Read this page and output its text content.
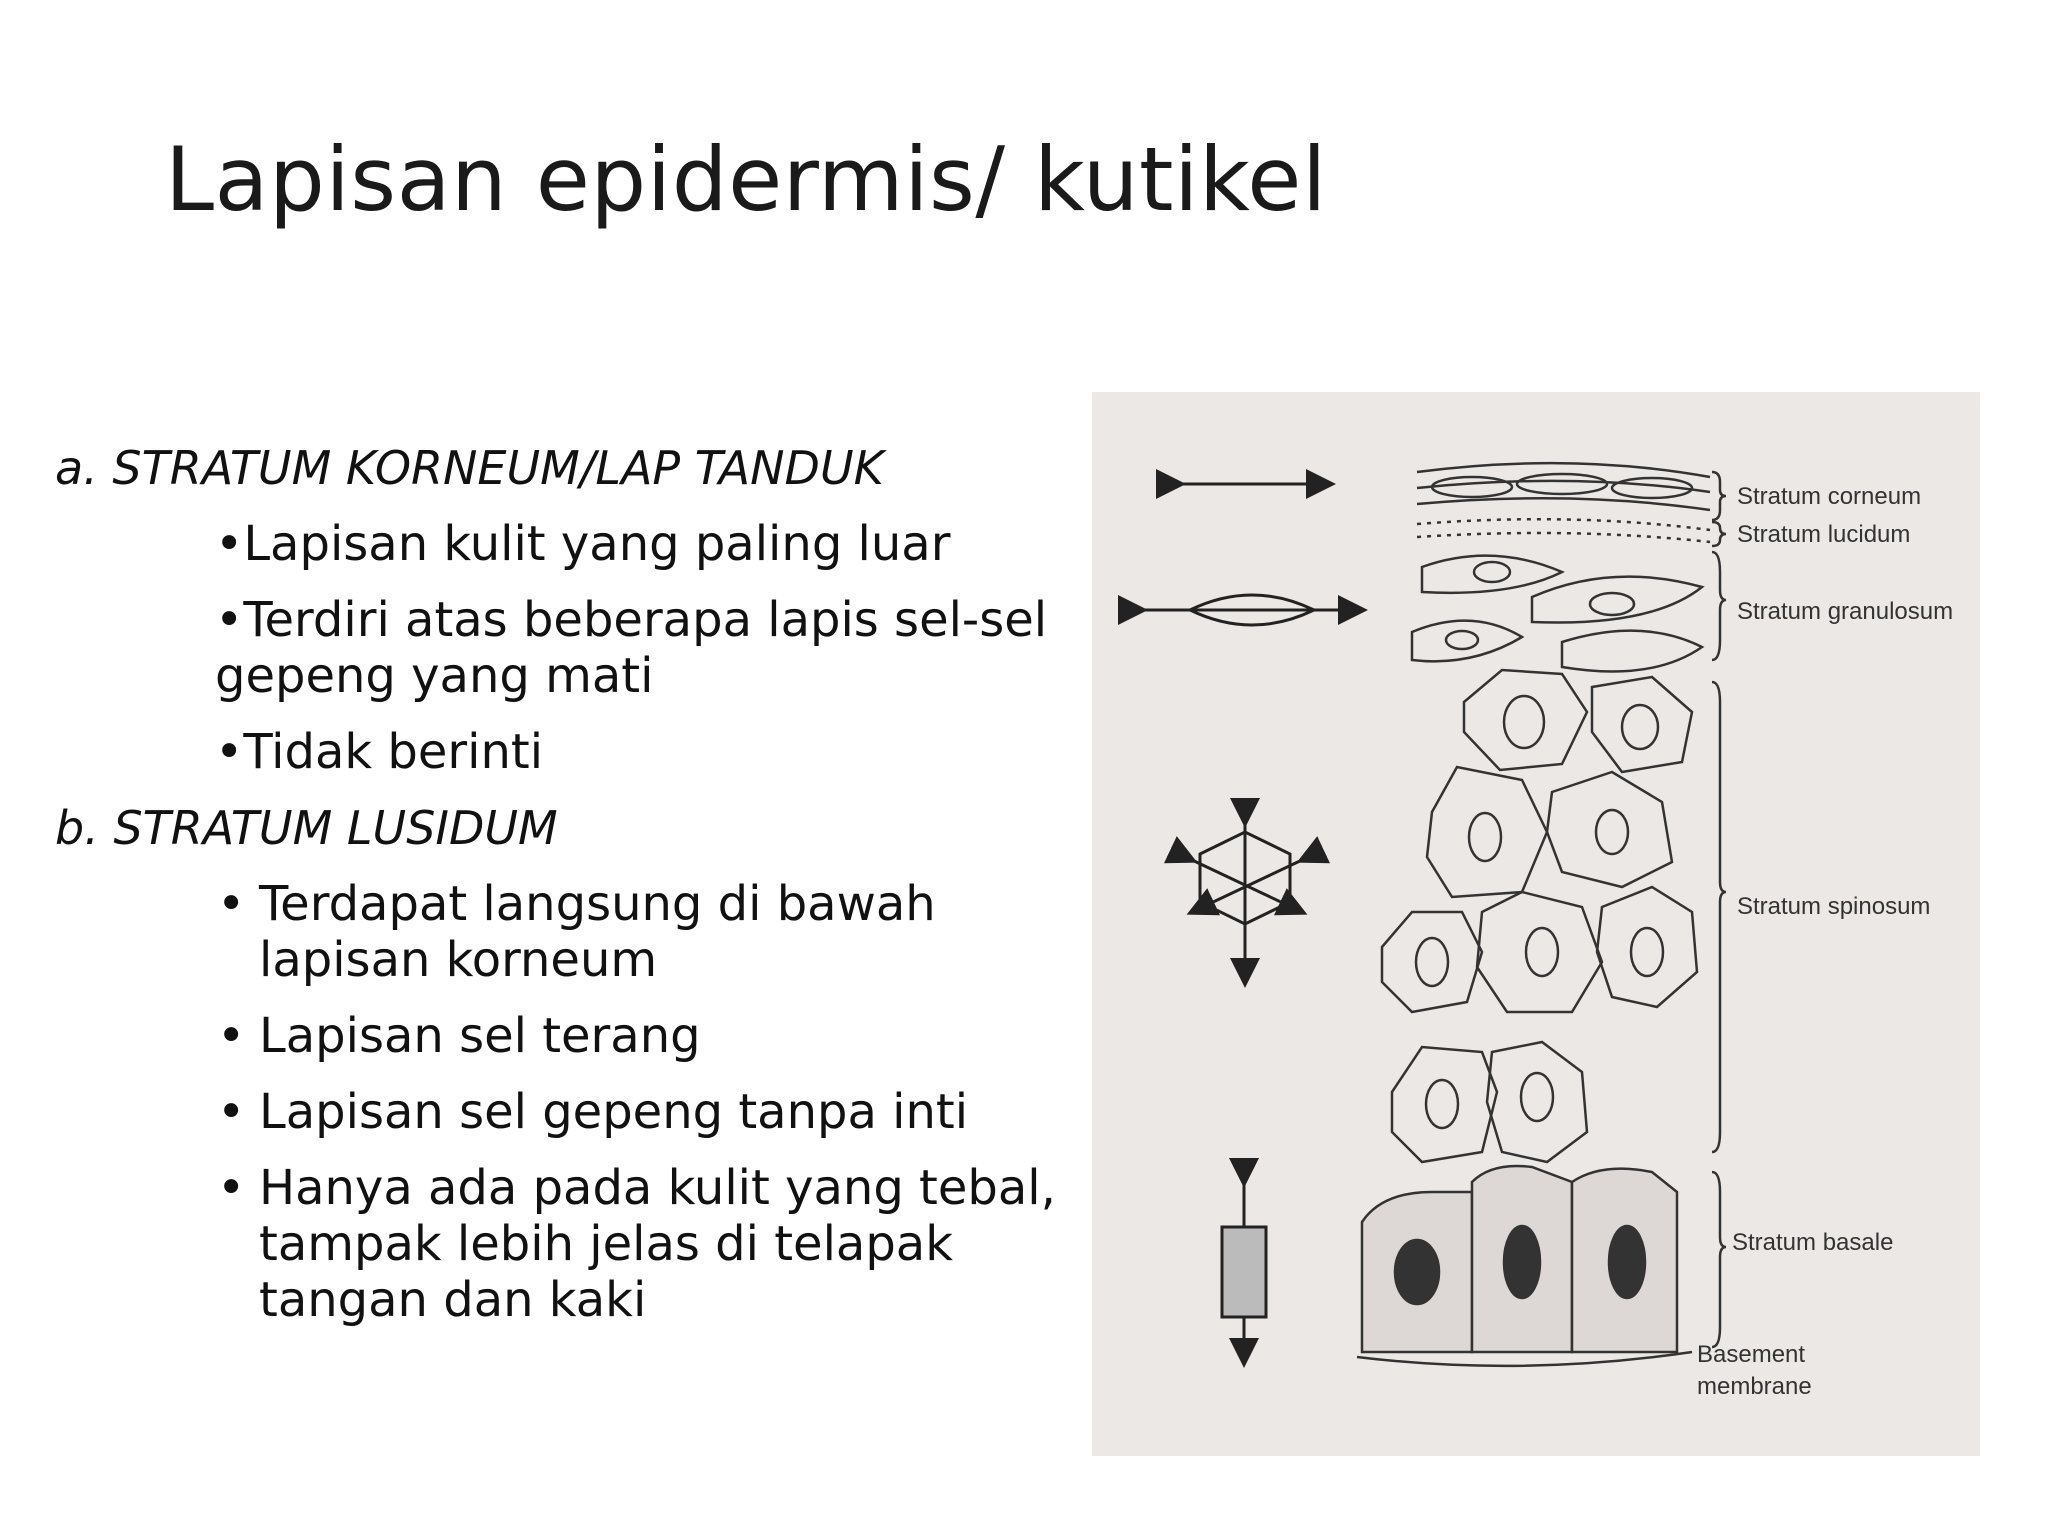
Lapisan epidermis/ kutikel
a. STRATUM KORNEUM/LAP TANDUK
•Lapisan kulit yang paling luar
•Terdiri atas beberapa lapis sel-sel gepeng yang mati
•Tidak berinti
b. STRATUM LUSIDUM
• Terdapat langsung di bawah lapisan korneum
• Lapisan sel terang
• Lapisan sel gepeng tanpa inti
• Hanya ada pada kulit yang tebal, tampak lebih jelas di telapak tangan dan kaki
Stratum corneum
Stratum lucidum
Stratum granulosum
Stratum spinosum
Stratum basale
Basement
membrane
